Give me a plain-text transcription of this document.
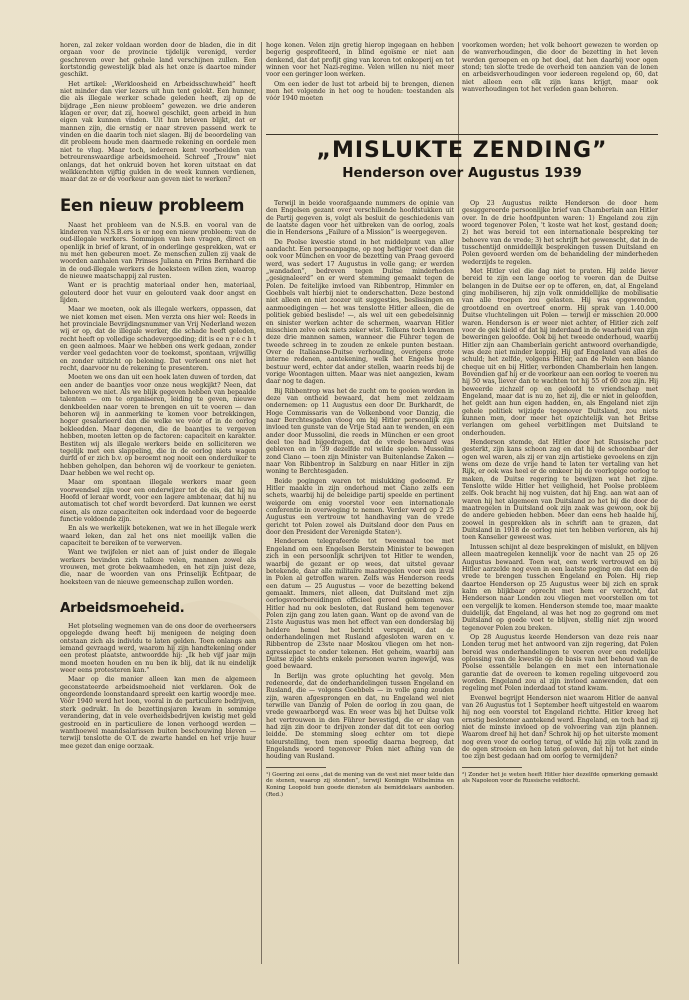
horen, zal zeker voldaan worden door de bladen, die in dit orgaan voor de provincie tijdelijk verenigd, verder geschreven over het gehele land verschijnen zullen. Een kortstondig gewestelijk blad als het onze is daartoe minder geschikt.

Het artikel: „Werkloosheid en Arbeidsschuwheid” heeft niet minder dan vier lezers uit hun tent gelokt. Een hunner, die als illegale werker schade geleden heeft, zij op de bijdrage „Een nieuw probleem” gewezen. we drie anderen klagen er over, dat zij, hoewel geschikt, geen arbeid in hun eigen vak kunnen vinden. Uit hun brieven blijkt, dat er mannen zijn, die ernstig er naar streven passend werk te vinden en die daarin toch niet slagen. Bij de beoordeling van dit probleem houde men daarmede rekening en oordele men niet te vlug. Maar toch, iedereen kent voorbeelden van betreurenswaardige arbeidsmoeheid. Schreef „Trouw” niet onlangs, dat het onkruid boven het koren uitstaat en dat welkkenchten vijftig gulden in de week kunnen verdienen, maar dat ze er de voorkeur aan geven niet te werken?

Een nieuw probleem

Naast het probleem van de N.S.B. en vooral van de kinderen van N.S.B.ers is er nog een nieuw probleem: van de oud-illegale werkers. Sommigen van hen vragen, direct en openlijk in brief of krant, of in onderlinge gesprekken, wat er nu met hen gebeuren moet. Ze menschen zullen zij vaak de woorden aanhalen van Prinses Juliana en Prins Bernhard die in de oud-illegale werkers de hoeksteen willen zien, waarop de nieuwe maatschappij zal rusten.

Want er is prachtig materiaal onder hen, materiaal, gelouterd door het vuur en gelouterd vaak door angst en lijden.

Maar we moeten, ook als illegale werkers, oppassen, dat we niet komen met eisen. Men verzta ons hier wel: Reeds in het provinciale Bevrijdingsnummer van Vrij Nederland wezen wij er op, dat de illegale werker, die schade heeft geleden, recht heeft op volledige schadevergoeding; dit is ee n r e c h t en geen aalmoes. Maar we hebben ons werk gedaan, zonder verder veel gedachten voor de toekomst, spontaan, vrijwillig en zonder uitzicht op beloning. Dat verleent ons niet het recht, daarvoor nu de rekening te presenteren.

Moeten we ons dan uit een hoek laten duwen of torden, dat een ander de baantjes voor onze neus wegkijkt? Neen, dat behoeven we niet. Als we blijk gegeven hebben van bepaalde talenten — om te organiseren, leiding te geven, nieuwe denkbeelden naar voren te brengen en uit te voeren — dan behoren wij in aanmerking te komen voor betrekkingen, hoger gesalarieerd dan die welke we vóór of in de oorlog bekleedden. Maar degenen, die de baantjes te vergeven hebben, moeten letten op de factoren: capaciteit en karakter. Bestiten wij als illegale werkers beide en solliciteren we tegelijk met een slappeling, die in de oorlog niets wagen durfd of er zich b.v. op beroemt nog nooit een onderduiker te hebben geholpen, dan behoren wij de voorkeur te genieten. Daar hebben we wel recht op.

Maar om spontaan illegale werkers maar geen voorwendsel zijn voor een onderwijzer tot de eis, dat hij nu Hoofd of leraar wordt, voor een lagere ambtenaar, dat hij nu automatisch tot chef wordt bevorderd. Dat kunnen we eerst eisen, als onze capaciteiten ook inderdaad voor de begeerde functie voldoende zijn.

En als we werkelijk betekenen, wat we in het illegale werk waard leken, dan zal het ons niet moeilijk vallen die capaciteit te bereiken of te verwerven.

Want we twijfelen er niet aan of juist onder de illegale werkers bevinden zich talloze velen, mannen zowel als vrouwen, met grote bekwaamheden, en het zijn juist deze, die, naar de woorden van ons Prinselijk Echtpaar, de hoeksteen van de nieuwe gemeenschap zullen worden.

Arbeidsmoeheid.

Het plotseling wegnemen van de ons door de overheersers opgelegde dwang heeft bij menigeen de neiging doen ontstaan zich als individu te laten gelden. Toen onlangs aan iemand gevraagd werd, waarom hij zijn handtekening onder een protest plaatste, antwoordde hij: „Ik heb vijf jaar mijn mond moeten houden en nu ben ik blij, dat ik nu eindelijk weer eens protesteren kan.”

Maar op die manier alleen kan men de algemeen geconstateerde arbeidsmoeheid niet verklaren. Ook de ongeordende loonstandaard spreekt een kartig woordje mee. Vóór 1940 werd het loon, vooral in de particuliere bedrijven, sterk gedrukt. In de bezettingsjaren kwam in sommige verandering, dat in vele overheidsbedrijven kwistig met geld gestrooid en in particuliere de lonen verhoogd werden — wanthoewel maandsalarissen buiten beschouwing bleven — terwijl tenslotte de O.T. de zwarte handel en het vrije huur mee gezet dan enige oorzaak.

hoge konen. Velen zijn gretig hierop ingegaan en hebben begerig gesprofiteerd, in blind egoïsme er niet aan denkend, dat dat profijt ging van koren tot onkoperij en tot winnen voor het Nazi-regime. Velen willen nu niet meer voor een geringer loon werken.

Om een ieder de lust tot arbeid bij te brengen, dienen men het volgende in het oog te houden: toestanden als vóór 1940 moeten

voorkomen worden; het volk behoort gewezen te worden op de wanverhoudingen, die door de bezetting in het leven werden geroepen en op het doel, dat hen daarbij voor ogen stond; ten slotte trede de overheid ten aanzien van de lonen en arbeidsverhoudingen voor iedereen regelend op, 60, dat niet alleen een elk zijn kans krijgt, maar ook wanverhoudingen tot het verleden gaan behoren.

„MISLUKTE ZENDING”
Henderson over Augustus 1939

Terwijl in beide voorafgaande nummers de opinie van den Engelsen gezant over verschillende hoofdstukken uit de Partij gegeven is, volgt als besluit de geschiedenis van de laatste dagen voor het uitbreken van de oorlog, zoals die in Hendersons „Failure of a Mission” is weergegeven.

De Poolse kwestie stond in het middelpunt van aller aandacht. Een persoanpagne, op nog heftiger voet dan die ook voor München en voor de bezetting van Praag gevoerd werd, was sedert 17 Augustus in volle gang; er werden „wandaden”, bedreven tegen Duitse minderheden „gesignaleerd” en er werd stemming gemaakt tegen de Polen. De feitelijke invloed van Ribbentrop, Himmler en Goebbels valt hierbij niet te onderschatten. Deze bestond niet alleen en niet zoozer uit suggesties, beslissingen en aanmoedigingen — het was tenslotte Hitler alleen, die de politiek gebied beslisde! —, als wel uit een gebedelsinnig en sinister werken achter de schermen, waarvan Hitler misschien zelve ook niets zeker wist. Telkens toch kwamen deze drie mannen samen, wanneer die Führer tegen de tweede schreeg in te zouden ze enkele punten bestaan. Over de Italiaanse-Duitse verhouding, overigens grote interne redenen, aantekening, welk het Engelse hoge bestuur werd, echter dat ander stellen, waarin reeds bij de vorige Woontagen uitten. Maar was niet aangezien, kwam daar nog te dagen.

Bij Ribbentrop was het de zucht om te gooien worden in deze van ontheid bewaard, dat hem met zeldzaam ondernemen: op 11 Augustus een door Dr. Burkhardt, de Hoge Commissaris van de Volkenbond voor Danzig, die naar Berchtesgaden vloog om bij Hitler persoonlijk zijn invloed ten gunste van de Vrije Stad aan te wenden, en een ander door Mussolini, die reeds in München er een groot deel toe had bijgedragen, dat de vrede bewaard was gebleven en in '39 dezelfde rol wilde spelen. Mussolini zond Ciano — toen zijn Minister van Buitenlandse Zaken — naar Von Ribbentrop in Salzburg en naar Hitler in zijn woning te Berchtesgaden.

Beide pogingen waren tot mislukking gedoemd. Er Hitler maakte in zijn onderhoud met Ciano zelfs een schets, waarbij hij de beleidige partij speelde en pertinent weigerde om enig voorstel voor een internationale conferentie in overweging te nemen. Verder werd op 2 25 Augustus een vertrouw tot handhaving van de vrede gericht tot Polen zowel als Duitsland door den Paus en door den President der Verenigde Staten¹).

Henderson telegrafeerde tot tweemaal toe met Engeland om een Engelsen Berstein Minister te bewegen zich in een persoonlijk schrijven tot Hitler te wenden, waarbij de gezant er op wees, dat uitstel gevaar betekende, daar alle militaire maatregelen voor een inval in Polen al getroffen waren. Zelfs was Henderson reeds een datum — 25 Augustus — voor de bezetting bekend gemaakt. Immers, niet alleen, dat Duitsland met zijn oorlogsvoorbereidingen officieel gereed gekomen was. Hitler had nu ook besloten, dat Rusland hem tegenover Polen zijn gang zou laten gaan. Want op de avond van de 21ste Augustus was men het effect van een donderslag bij heldere hemel het bericht verspreid, dat de onderhandelingen met Rusland afgesloten waren en v. Ribbentrop de 23ste naar Moskou vliegen om het non-agressiepact te onder tekenen. Het geheim, waarbij aan Duitse zijde slechts enkele personen waren ingewijd, was goed bewaard.

In Berlijn was grote opluchting het gevolg. Men redeneerde, dat de onderhandelingen tussen Engeland en Rusland, die — volgens Goebbels — in volle gang zouden zijn, waren afgesprongen en dat, nu Engeland wel niet terwille van Danzig of Polen de oorlog in zou gaan, de vrede gewaarborgd was. En weer was bij het Duitse volk het vertrouwen in den Führer bevestigd, die er slag van had zijn zin door te drijven zonder dat dit tot een oorlog leidde. De stemming sloeg echter om tot diepe teleurstelling, toen men spoedig daarna begreep, dat Engelands woord tegenover Polen niet afhing van de houding van Rusland.

¹) Goering zei eens „dat de mening van de vest niet meer telde dan de stenen, waarop zij stonden”, terwijl Koningin Wilhelmina en Koning Leopold hun goede diensten als bemiddelaars aanboden. (Red.)

Op 23 Augustus reikte Henderson de door hem gesuggereerde persoonlijke brief van Chamberlain aan Hitler over. In de drie hoofdpunten waren: 1) Engeland zou zijn woord tegenover Polen, 't koste wat het kost, gestand doen; 2) het was bereid tot een internationale bespreking ter behoeve van de vrede; 3) het schrijft het gewenscht, dat in de tusschentijd onmiddellijk besprekingen tussen Duitsland en Polen gevoerd werden om de behandeling der minderheden wederzijds te regelen.

Met Hitler viel die dag niet te praten. Hij zelde liever bereid te zijn een lange oorlog te voeren dan de Duitse belangen in de Duitse eer op te offeren, en, dat, al Engeland ging mobiliseren, hij zijn volk onmiddellijke de mobilisatie van alle troepen zou gelasten. Hij was opgewonden, grootdoend en overtreef enorm. Hij sprak van 1.40.000 Duitse vluchtelingen uit Polen — terwijl er misschien 20.000 waren. Henderson is er weer niet achter, of Hitler zich zelf voor de gek hield of dat hij inderdaad in de waarheid van zijn beweringen geloofde. Ook bij het tweede onderhoud, waarbij Hitler zijn aan Chamberlain gericht antwoord overhandigde, was deze niet minder koppig. Hij gaf Engeland van alles de schuld; het zelfde, volgens Hitler, aan de Polen een blanco cheque uit en bij Hitler, verbonden Chamberlain hen langen. Bovendien gaf hij er de voorkeur aan een oorlog te voeren nu hij 50 was, liever dan te wachten tot hij 55 of 60 zou zijn. Hij beweerde zichzelf op en geloofd te vriendschap met Engeland, maar dat is nu zo, het zij, die er niet in geloofden, het geldt aan hun eigen hadden, en, als Engeland niet zijn gehele politiek wijzigde tegenover Duitsland, zou niets kunnen men, door meer het opzichtelijk van het Britse verlangen om geheel verbitlingen met Duitsland te onderhouden.

Henderson stemde, dat Hitler door het Russische pact gesterkt, zijn kans schoon zag en dat hij de schoonbaar der ogen wel waren, als zij er van zijn artistieke gevoelens en zijn wens om deze de vrije hand te laten ter vertaling van het Rijk, er ook was heel er de omkeer bij de voorlopige oorlog te maken, de Duitse regering te bewijzen wat het zijne. Tenslotte wilde Hitler het veiligheid, het Poolse probleem zelfs. Ook bracht hij nog vuisten, dat hij Eng. aan wat aan of waren hij het algemeen van Duitsland zo het bij die door de maatregelen in Duitsland ook zijn zaak was gewoon, ook bij de andere gebieden hebben. Meer dan eens heb haalde hij, zoowel in gesprekken als in schrift aan te grazen, dat Duitsland in 1918 de oorlog niet ten hebben verloren, als hij toen Kanselier geweest was.

Intussen schijnt al deze besprekingen of mislukt, en blijven alleen maatregelen kennelijk voor de nacht van 25 op 26 Augustus bewaard. Toen wat, een werk vertrouwd en bij Hitler aarzelde nog even in een laatste poging om dat een de vrede te brengen tusschen Engeland en Polen. Hij riep daartoe Henderson op 25 Augustus weer bij zich en sprak kalm en blijkbaar oprecht met hem er verzocht, dat Henderson naar Londen zou vliegen met voorstellen om tot een vergelijk te komen. Henderson stemde toe, maar maakte duidelijk, dat Engeland, al was het nog zo gegrond om met Duitsland op goede voet te blijven, stellig niet zijn woord tegenover Polen zou breken.

Op 28 Augustus keerde Henderson van deze reis naar Londen terug met het antwoord van zijn regering, dat Polen bereid was onderhandelingen te voeren over een redelijke oplossing van de kwestie op de basis van het behoud van de Poolse essentiële belangen en met een internationale garantie dat de overeen te komen regeling uitgevoerd zou worden. Engeland zou al zijn invloed aanwenden, dat een regeling met Polen inderdaad tot stand kwam.

Evenwel begrijpt Henderson niet waarom Hitler de aanval van 26 Augustus tot 1 September heeft uitgesteld en waarom hij nog een voorstel tot Engeland richtte. Hitler kreeg het ernstig beslotener aantekend werd. Engeland, en toch had zij niet de minste invloed op de volvoering van zijn plannen. Waarom dreef hij het dan? Schrok hij op het uiterste moment nog even voor de oorlog terug, of wilde hij zijn volk zand in de ogen strooien en hen laten geloven, dat hij tot het einde toe zijn best gedaan had om oorlog te vermijden?

²) Zonder het je weten heeft Hitler hier dezelfde opmerking gemaakt als Napoleon voor de Russische veldtocht.
